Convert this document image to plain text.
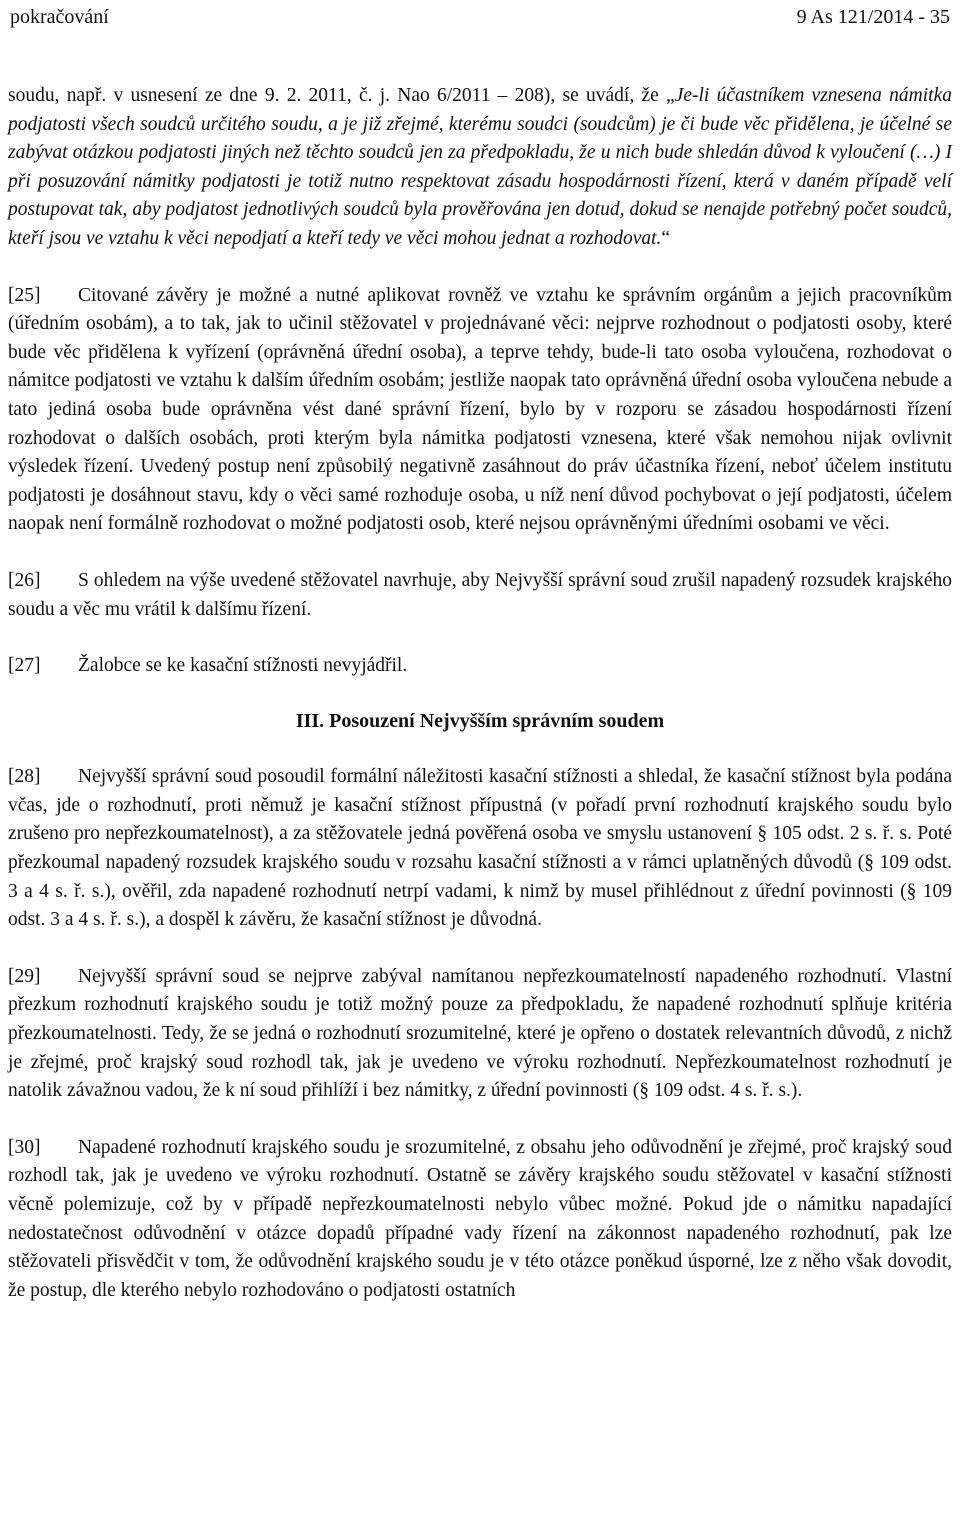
pokračování	9 As 121/2014 - 35

soudu, např. v usnesení ze dne 9. 2. 2011, č. j. Nao 6/2011 – 208), se uvádí, že „Je-li účastníkem vznesena námitka podjatosti všech soudců určitého soudu, a je již zřejmé, kterému soudci (soudcům) je či bude věc přidělena, je účelné se zabývat otázkou podjatosti jiných než těchto soudců jen za předpokladu, že u nich bude shledán důvod k vyloučení (…) I při posuzování námitky podjatosti je totiž nutno respektovat zásadu hospodárnosti řízení, která v daném případě velí postupovat tak, aby podjatost jednotlivých soudců byla prověřována jen dotud, dokud se nenajde potřebný počet soudců, kteří jsou ve vztahu k věci nepodjatí a kteří tedy ve věci mohou jednat a rozhodovat.“

[25] Citované závěry je možné a nutné aplikovat rovněž ve vztahu ke správním orgánům a jejich pracovníkům (úředním osobám), a to tak, jak to učinil stěžovatel v projednávané věci: nejprve rozhodnout o podjatosti osoby, které bude věc přidělena k vyřízení (oprávněná úřední osoba), a teprve tehdy, bude-li tato osoba vyloučena, rozhodovat o námitce podjatosti ve vztahu k dalším úředním osobám; jestliže naopak tato oprávněná úřední osoba vyloučena nebude a tato jediná osoba bude oprávněna vést dané správní řízení, bylo by v rozporu se zásadou hospodárnosti řízení rozhodovat o dalších osobách, proti kterým byla námitka podjatosti vznesena, které však nemohou nijak ovlivnit výsledek řízení. Uvedený postup není způsobilý negativně zasáhnout do práv účastníka řízení, neboť účelem institutu podjatosti je dosáhnout stavu, kdy o věci samé rozhoduje osoba, u níž není důvod pochybovat o její podjatosti, účelem naopak není formálně rozhodovat o možné podjatosti osob, které nejsou oprávněnými úředními osobami ve věci.

[26] S ohledem na výše uvedené stěžovatel navrhuje, aby Nejvyšší správní soud zrušil napadený rozsudek krajského soudu a věc mu vrátil k dalšímu řízení.

[27] Žalobce se ke kasační stížnosti nevyjádřil.

III. Posouzení Nejvyšším správním soudem

[28] Nejvyšší správní soud posoudil formální náležitosti kasační stížnosti a shledal, že kasační stížnost byla podána včas, jde o rozhodnutí, proti němuž je kasační stížnost přípustná (v pořadí první rozhodnutí krajského soudu bylo zrušeno pro nepřezkoumatelnost), a za stěžovatele jedná pověřená osoba ve smyslu ustanovení § 105 odst. 2 s. ř. s. Poté přezkoumal napadený rozsudek krajského soudu v rozsahu kasační stížnosti a v rámci uplatněných důvodů (§ 109 odst. 3 a 4 s. ř. s.), ověřil, zda napadené rozhodnutí netrpí vadami, k nimž by musel přihlédnout z úřední povinnosti (§ 109 odst. 3 a 4 s. ř. s.), a dospěl k závěru, že kasační stížnost je důvodná.

[29] Nejvyšší správní soud se nejprve zabýval namítanou nepřezkoumatelností napadeného rozhodnutí. Vlastní přezkum rozhodnutí krajského soudu je totiž možný pouze za předpokladu, že napadené rozhodnutí splňuje kritéria přezkoumatelnosti. Tedy, že se jedná o rozhodnutí srozumitelné, které je opřeno o dostatek relevantních důvodů, z nichž je zřejmé, proč krajský soud rozhodl tak, jak je uvedeno ve výroku rozhodnutí. Nepřezkoumatelnost rozhodnutí je natolik závažnou vadou, že k ní soud přihlíží i bez námitky, z úřední povinnosti (§ 109 odst. 4 s. ř. s.).

[30] Napadené rozhodnutí krajského soudu je srozumitelné, z obsahu jeho odůvodnění je zřejmé, proč krajský soud rozhodl tak, jak je uvedeno ve výroku rozhodnutí. Ostatně se závěry krajského soudu stěžovatel v kasační stížnosti věcně polemizuje, což by v případě nepřezkoumatelnosti nebylo vůbec možné. Pokud jde o námitku napadající nedostatečnost odůvodnění v otázce dopadů případné vady řízení na zákonnost napadeného rozhodnutí, pak lze stěžovateli přisvědčit v tom, že odůvodnění krajského soudu je v této otázce poněkud úsporné, lze z něho však dovodit, že postup, dle kterého nebylo rozhodováno o podjatosti ostatních
